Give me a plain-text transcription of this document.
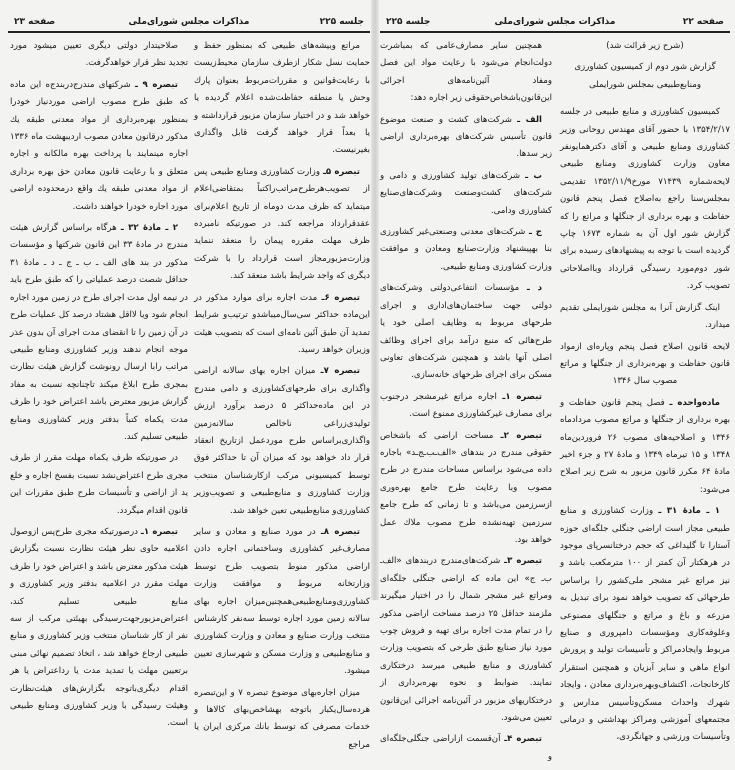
جلسه ۲۲۵
مذاکرات مجلس شورای‌ملی
صفحه ۲۳

مراتع وبیشه‌های طبیعی که بمنظور حفظ و حمایت نسل شکار ازطرف سازمان محیط‌زیست با رعایت‌قوانین و مقررات‌مربوط بعنوان پارك وحش یا منطقه حفاظت‌شده اعلام گردیده یا خواهد شد و در اختیار سازمان مزبور قرارداشته و یا بعداً قرار خواهد گرفت قابل واگذاری بغیرنیست.

تبصره ۵ـ وزارت کشاورزی ومنابع طبیعی پس از تصویب‌هرطرح‌مراتب‌راکتباً بمتقاضی‌اعلام میتماید که ظرف مدت دوماه از تاریخ اعلام‌برای عقدقرارداد مراجعه کند. در صورتیکه نامبرده ظرف مهلت مقرره پیمان را منعقد ننماید وزارت‌مزبورمجاز است قرارداد را با شرکت دیگری که واجد شرایط باشد منعقد کند.

تبصره ۶ـ مدت اجاره برای موارد مذکور در این‌ماده حداکثر سی‌سال‌میباشدو ترتیب‌و شرایط تمدید آن طبق آئین نامه‌ای است که بتصویب هیئت وزیران خواهد رسید.

تبصره ۷ـ میزان اجاره بهای سالانه اراضی واگذاری برای طرحهای‌کشاورزی و دامی مندرج در این ماده‌حداکثر ۵ درصد برآورد ارزش تولیدی‌زراعی ناخالص سالانه‌زمین واگذاری‌براساس طرح موردعمل ازتاریخ انعقاد قرار داد خواهد بود که میزان آن تا حداکثر فوق توسط کمیسیونی مرکب ازکارشناسان منتخب وزارت کشاورزی و منابع‌طبیعی و تصویب‌وزیر کشاورزی‌و منابع‌طبیعی تعین خواهد شد.

تبصره ۸ـ در مورد صنایع و معادن و سایر مصارف‌غیر کشاورزی وساختمانی اجاره دادن اراضی مذکور منوط بتصویب طرح توسط وزارتخانه مربوط و موافقت وزارت کشاورزی‌ومنابع‌طبیعی‌همچنین‌میزان اجاره بهای سالانه زمین مورد اجاره توسط سه‌نفر کارشناس منتخب وزارت صنایع و معادن و وزارت کشاورزی و منابع‌طبیعی و وزارت مسکن و شهرسازی تعیین میشود.

میزان اجاره‌بهای موضوع تبصره ۷ و این‌تبصره هرده‌سال‌یکبار باتوجه بهشاخص‌بهای کالاها و خدمات مصرفی که توسط بانك مرکزی ایران یا مراجع

صلاحیتدار دولتی دیگری تعیین میشود مورد تجدید نظر قرار خواهدگرفت.

تبصره ۹ ـ شرکتهای مندرج‌دربندج‌ه این ماده که طبق طرح مصوب اراضی موردنیاز خودرا بمنظور بهره‌برداری از مواد معدنی طبقه یك مذکور درقانون معادن مصوب اردیبهشت ماه ۱۳۳۶ اجاره مینمایند با پرداخت بهره مالکانه و اجاره متعلق و با رعایت قانون معادن حق بهره برداری از مواد معدنی طبقه یك واقع درمحدوده اراضی مورد اجاره خودرا خواهند داشت.

۲ ـ مادهٔ ۳۲ ـ هرگاه براساس گزارش هیئت مندرج در مادهٔ ۳۳ این قانون شرکتها و مؤسسات مذکور در بند های الف ـ ب ـ ج ـ د ـ مادهٔ ۳۱ حداقل شصت درصد عملیاتی را که طبق طرح باید در نیمه اول مدت اجرای طرح در زمین مورد اجاره انجام شود ویا لااقل هشتاد درصد کل عملیات طرح در آن زمین را تا انقضای مدت اجرای آن بدون عذر موجه انجام ندهند وزیر کشاورزی ومنابع طبیعی مراتب رابا ارسال رونوشت گزارش هیئت نظارت بمجری طرح ابلاغ میکند تاچنانچه نسبت به مفاد گزارش مزبور معترض باشد اعتراض خود را ظرف مدت یکماه کتباً بدفتر وزیر کشاورزی ومنابع طبیعی تسلیم کند.

در صورتیکه ظرف یکماه مهلت مقرر از طرف مجری طرح اعتراض‌نشد نسبت بفسخ اجاره و خلع ید از اراضی و تأسیسات طرح طبق مقررات این قانون اقدام میگردد.

تبصره ۱ـ درصورتیکه مجری طرح‌پس ازوصول اعلامیه حاوی نظر هیئت نظارت نسبت بگزارش هیئت مذکور معترض باشد و اعتراض خود را ظرف مهلت مقرر در اعلامیه بدفتر وزیر کشاورزی و منابع طبیعی تسلیم کند، اعتراض‌مزبورجهت‌رسیدگی بهیئتی مرکب از سه نفر از کار شناسان منتخب وزیر کشاورزی و منابع طبیعی ارجاع خواهد شد ، اتخاذ تصمیم نهائی مبنی برتعیین مهلت یا تمدید مدت یا رداعتراض یا هر اقدام دیگری‌باتوجه بگزارش‌های هیئت‌نظارت وهیئت رسیدگی با وزیر کشاورزی ومنابع طبیعی است.

صفحه ۲۲
مذاکرات مجلس شورای‌ملی
جلسه ۲۲۵

(شرح زیر قرائت شد)

گزارش شور دوم از کمیسیون کشاورزی ومنابع‌طبیعی بمجلس شورایملی

کمیسیون کشاورزی و منابع طبیعی در جلسه ۱۳۵۴/۲/۱۷ با حضور آقای مهندس روحانی وزیر کشاورزی ومنابع طبیعی و آقای دکترهمایونفر معاون وزارت کشاورزی ومنابع طبیعی لایحه‌شماره ۷۱۴۳۹ مورخ۱۳۵۲/۱۱/۹ تقدیمی بمجلس‌سنا راجع به‌اصلاح فصل پنجم قانون حفاظت و بهره برداری از جنگلها و مراتع را که گزارش شور اول آن به شماره ۱۶۷۳ چاپ گردیده است با توجه به پیشنهادهای رسیده برای شور دوم‌مورد رسیدگی قرارداد وبااصلاحاتی تصویب کرد.

اینک گزارش آنرا به مجلس شورایملی تقدیم میدارد.

لایحه قانون اصلاح فصل پنجم وپاره‌ای ازمواد قانون حفاظت و بهره‌برداری از جنگلها و مراتع مصوب سال ۱۳۴۶

ماده‌واحده ـ فصل پنجم قانون حفاظت و بهره برداری از جنگلها و مراتع مصوب مردادماه ۱۳۴۶ و اصلاحیه‌های مصوب ۲۶ فروردین‌ماه ۱۳۴۸ و ۱۵ تیرماه ۱۳۴۹ و مادهٔ ۲۷ و جزء اخیر مادهٔ ۶۴ مکرر قانون مزبور به شرح زیر اصلاح می‌شود:

۱ ـ مادهٔ ۳۱ ـ وزارت کشاورزی و منابع طبیعی مجاز است اراضی جنگلی جلگه‌ای حوزه آستارا تا گلیداغی که حجم درختانسرپای موجود در هرهکتار آن کمتر از ۱۰۰ مترمکعب باشد و نیز مراتع غیر مشجر ملی‌کشور را براساس طرحهائی که تصویب خواهد نمود برای تبدیل به مزرعه و باغ و مراتع و جنگلهای مصنوعی وعلوفه‌کاری ومؤسسات دامپروری و صنایع مربوط وایجادمراکز و تأسیسات تولید و پرورش انواع ماهی و سایر آبزیان و همچنین استقرار کارخانجات، اکتشاف‌وبهره‌برداری معادن ، وایجاد شهرك واحداث مسکن‌وتأسیس مدارس و مجتمعهای آموزشی ومراکز بهداشتی و درمانی وتأسیسات ورزشی و جهانگردی،

همچنین سایر مصارف‌عامی که بمباشرت دولت‌انجام می‌شود با رعایت مواد این فصل ومفاد آئین‌نامه‌های اجرائی این‌قانون‌باشخاص‌حقوقی زیر اجاره دهد:

الف ـ شرکت‌های کشت و صنعت موضوع قانون تأسیس شرکت‌های بهره‌برداری اراضی زیر سدها.

ب ـ شرکت‌های تولید کشاورزی و دامی و شرکت‌های کشت‌وصنعت وشرکت‌های‌صنایع کشاورزی ودامی.

ج ـ شرکت‌های معدنی وصنعتی‌غیر کشاورزی بنا بهپیشنهاد وزارت‌صنایع ومعادن و موافقت وزارت کشاورزی ومنابع طبیعی.

د ـ مؤسسات انتفاعی‌دولتی وشرکت‌های دولتی جهت ساختمان‌های‌اداری و اجرای طرحهای مربوط به وظایف اصلی خود یا طرح‌هائی که منبع درآمد برای اجرای وظائف اصلی آنها باشد و همچنین شرکت‌های تعاونی مسکن برای اجرای طرحهای خانه‌سازی.

تبصره ۱ـ اجاره مراتع غیرمشجر درجنوب برای مصارف غیرکشاورزی ممنوع است.

تبصره ۲ـ مساحت اراضی که باشخاص حقوقی مندرج در بندهای «الف‌ـب‌ـج‌ـد» باجاره داده می‌شود براساس مساحات مندرج در طرح مصوب وبا رعایت طرح جامع بهره‌وری ازسرزمین می‌باشد و تا زمانی که طرح جامع سرزمین تهیه‌نشده طرح مصوب ملاك عمل خواهد بود.

تبصره ۳ـ شرکت‌های‌مندرج دربندهای «الف‌ـ ب‌ـ ج» این ماده که اراضی جنگلی جلگه‌ای ومراتع غیر مشجر شمال را در اختیار میگیرند ملزمند حداقل ۲۵ درصد مساحت اراضی مذکور را در تمام مدت اجاره برای تهیه و فروش چوب مورد نیاز صنایع طبق طرحی که بتصویب وزارت کشاورزی و منابع طبیعی میرسد درختکاری نمایند. ضوابط و نحوه بهره‌برداری از درختکاریهای مزبور در آئین‌نامه اجرائی این‌قانون تعیین می‌شود.

تبصره ۴ـ آن‌قسمت ازاراضی جنگلی‌جلگه‌ای و
